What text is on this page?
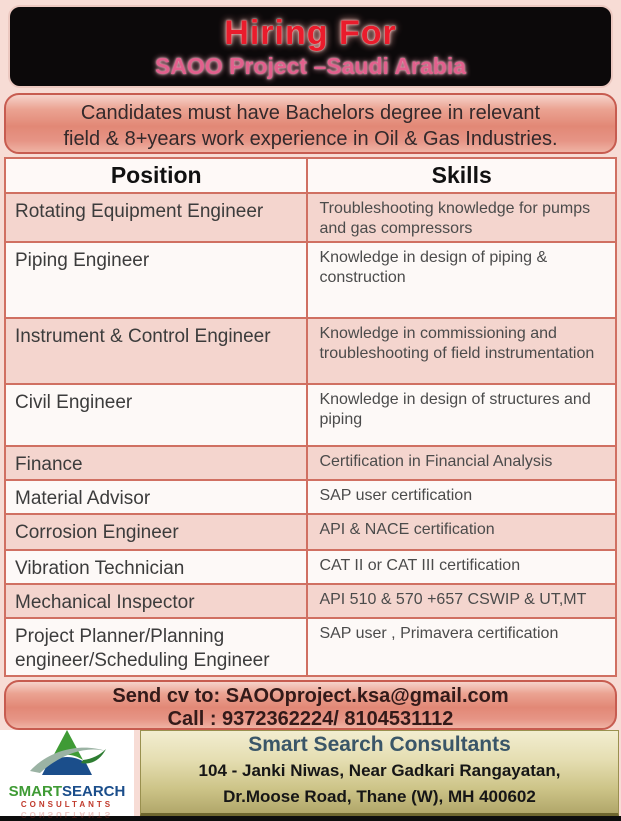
Hiring For
SAOO Project –Saudi Arabia
Candidates must have Bachelors degree in relevant
field & 8+years work experience in Oil & Gas Industries.
Position	Skills
Rotating Equipment Engineer	Troubleshooting knowledge for pumps and gas compressors
Piping Engineer	Knowledge in design of piping & construction
Instrument & Control Engineer	Knowledge in commissioning and troubleshooting of field instrumentation
Civil Engineer	Knowledge in design of structures and piping
Finance	Certification in Financial Analysis
Material Advisor	SAP user certification
Corrosion Engineer	API & NACE certification
Vibration Technician	CAT II or CAT III certification
Mechanical Inspector	API 510 & 570 +657 CSWIP & UT,MT
Project Planner/Planning engineer/Scheduling Engineer	SAP user , Primavera certification
Send cv to: SAOOproject.ksa@gmail.com
Call : 9372362224/ 8104531112
SMARTSEARCH
CONSULTANTS
CONSULTANTS
Smart Search Consultants
104 - Janki Niwas, Near Gadkari Rangayatan,
Dr.Moose Road, Thane (W), MH 400602
